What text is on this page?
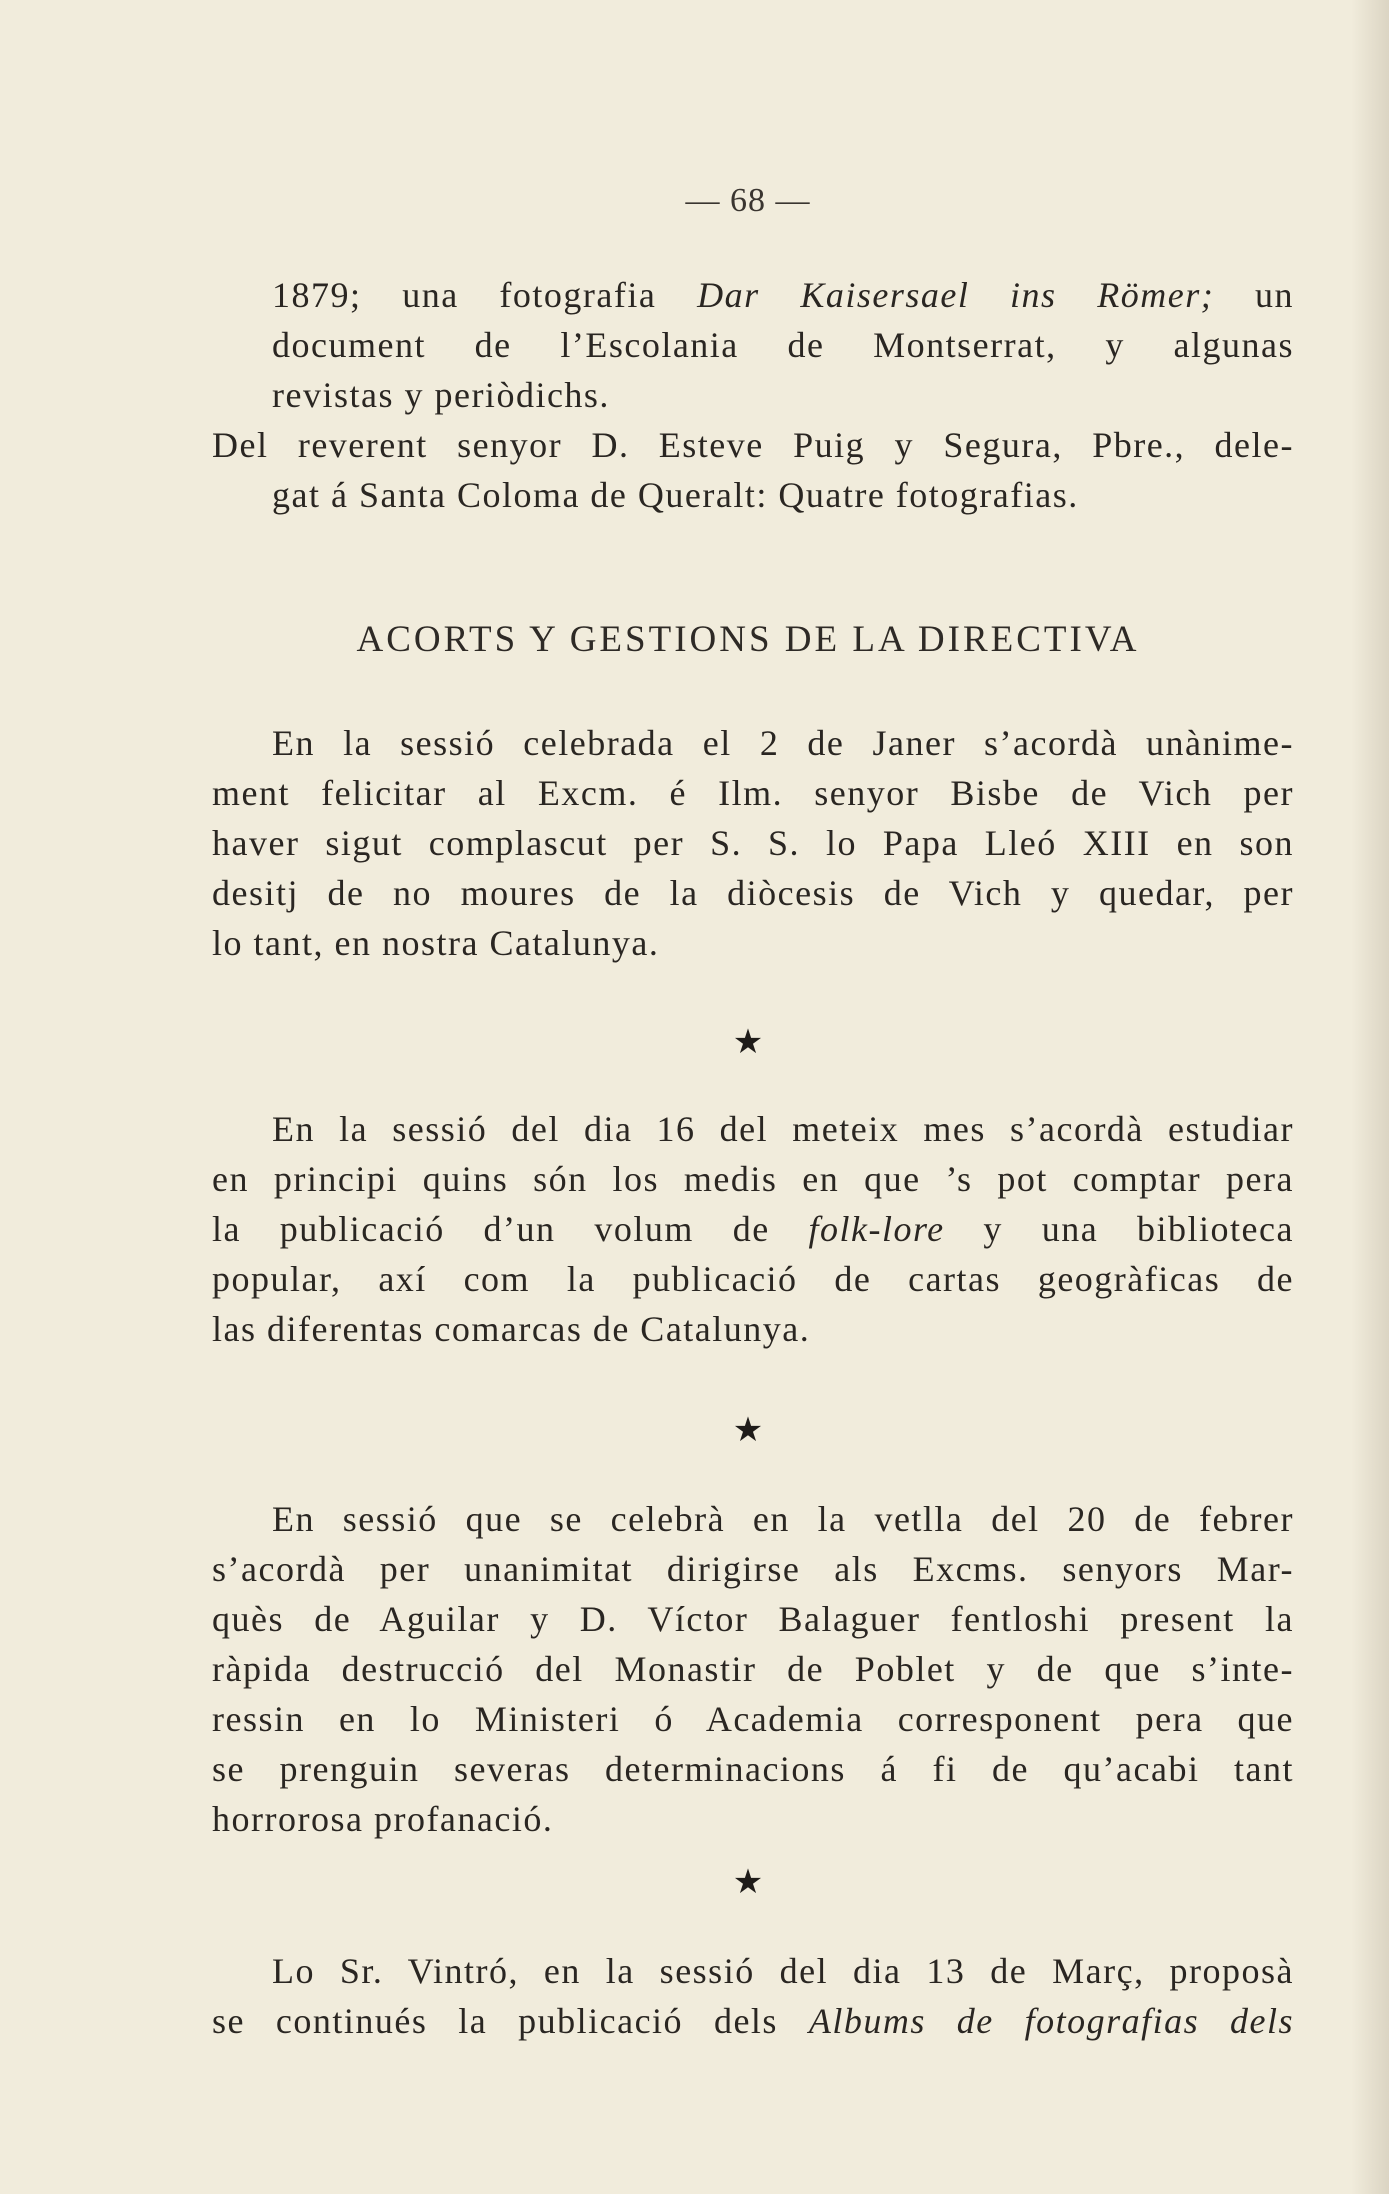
— 68 —
1879; una fotografia Dar Kaisersael ins Römer; un
document de l’Escolania de Montserrat, y algunas
revistas y periòdichs.
Del reverent senyor D. Esteve Puig y Segura, Pbre., dele-
gat á Santa Coloma de Queralt: Quatre fotografias.
ACORTS Y GESTIONS DE LA DIRECTIVA
En la sessió celebrada el 2 de Janer s’acordà unànime-
ment felicitar al Excm. é Ilm. senyor Bisbe de Vich per
haver sigut complascut per S. S. lo Papa Lleó XIII en son
desitj de no moures de la diòcesis de Vich y quedar, per
lo tant, en nostra Catalunya.
★
En la sessió del dia 16 del meteix mes s’acordà estudiar
en principi quins són los medis en que ’s pot comptar pera
la publicació d’un volum de folk-lore y una biblioteca
popular, axí com la publicació de cartas geogràficas de
las diferentas comarcas de Catalunya.
★
En sessió que se celebrà en la vetlla del 20 de febrer
s’acordà per unanimitat dirigirse als Excms. senyors Mar-
quès de Aguilar y D. Víctor Balaguer fentloshi present la
ràpida destrucció del Monastir de Poblet y de que s’inte-
ressin en lo Ministeri ó Academia corresponent pera que
se prenguin severas determinacions á fi de qu’acabi tant
horrorosa profanació.
★
Lo Sr. Vintró, en la sessió del dia 13 de Març, proposà
se continués la publicació dels Albums de fotografias dels
